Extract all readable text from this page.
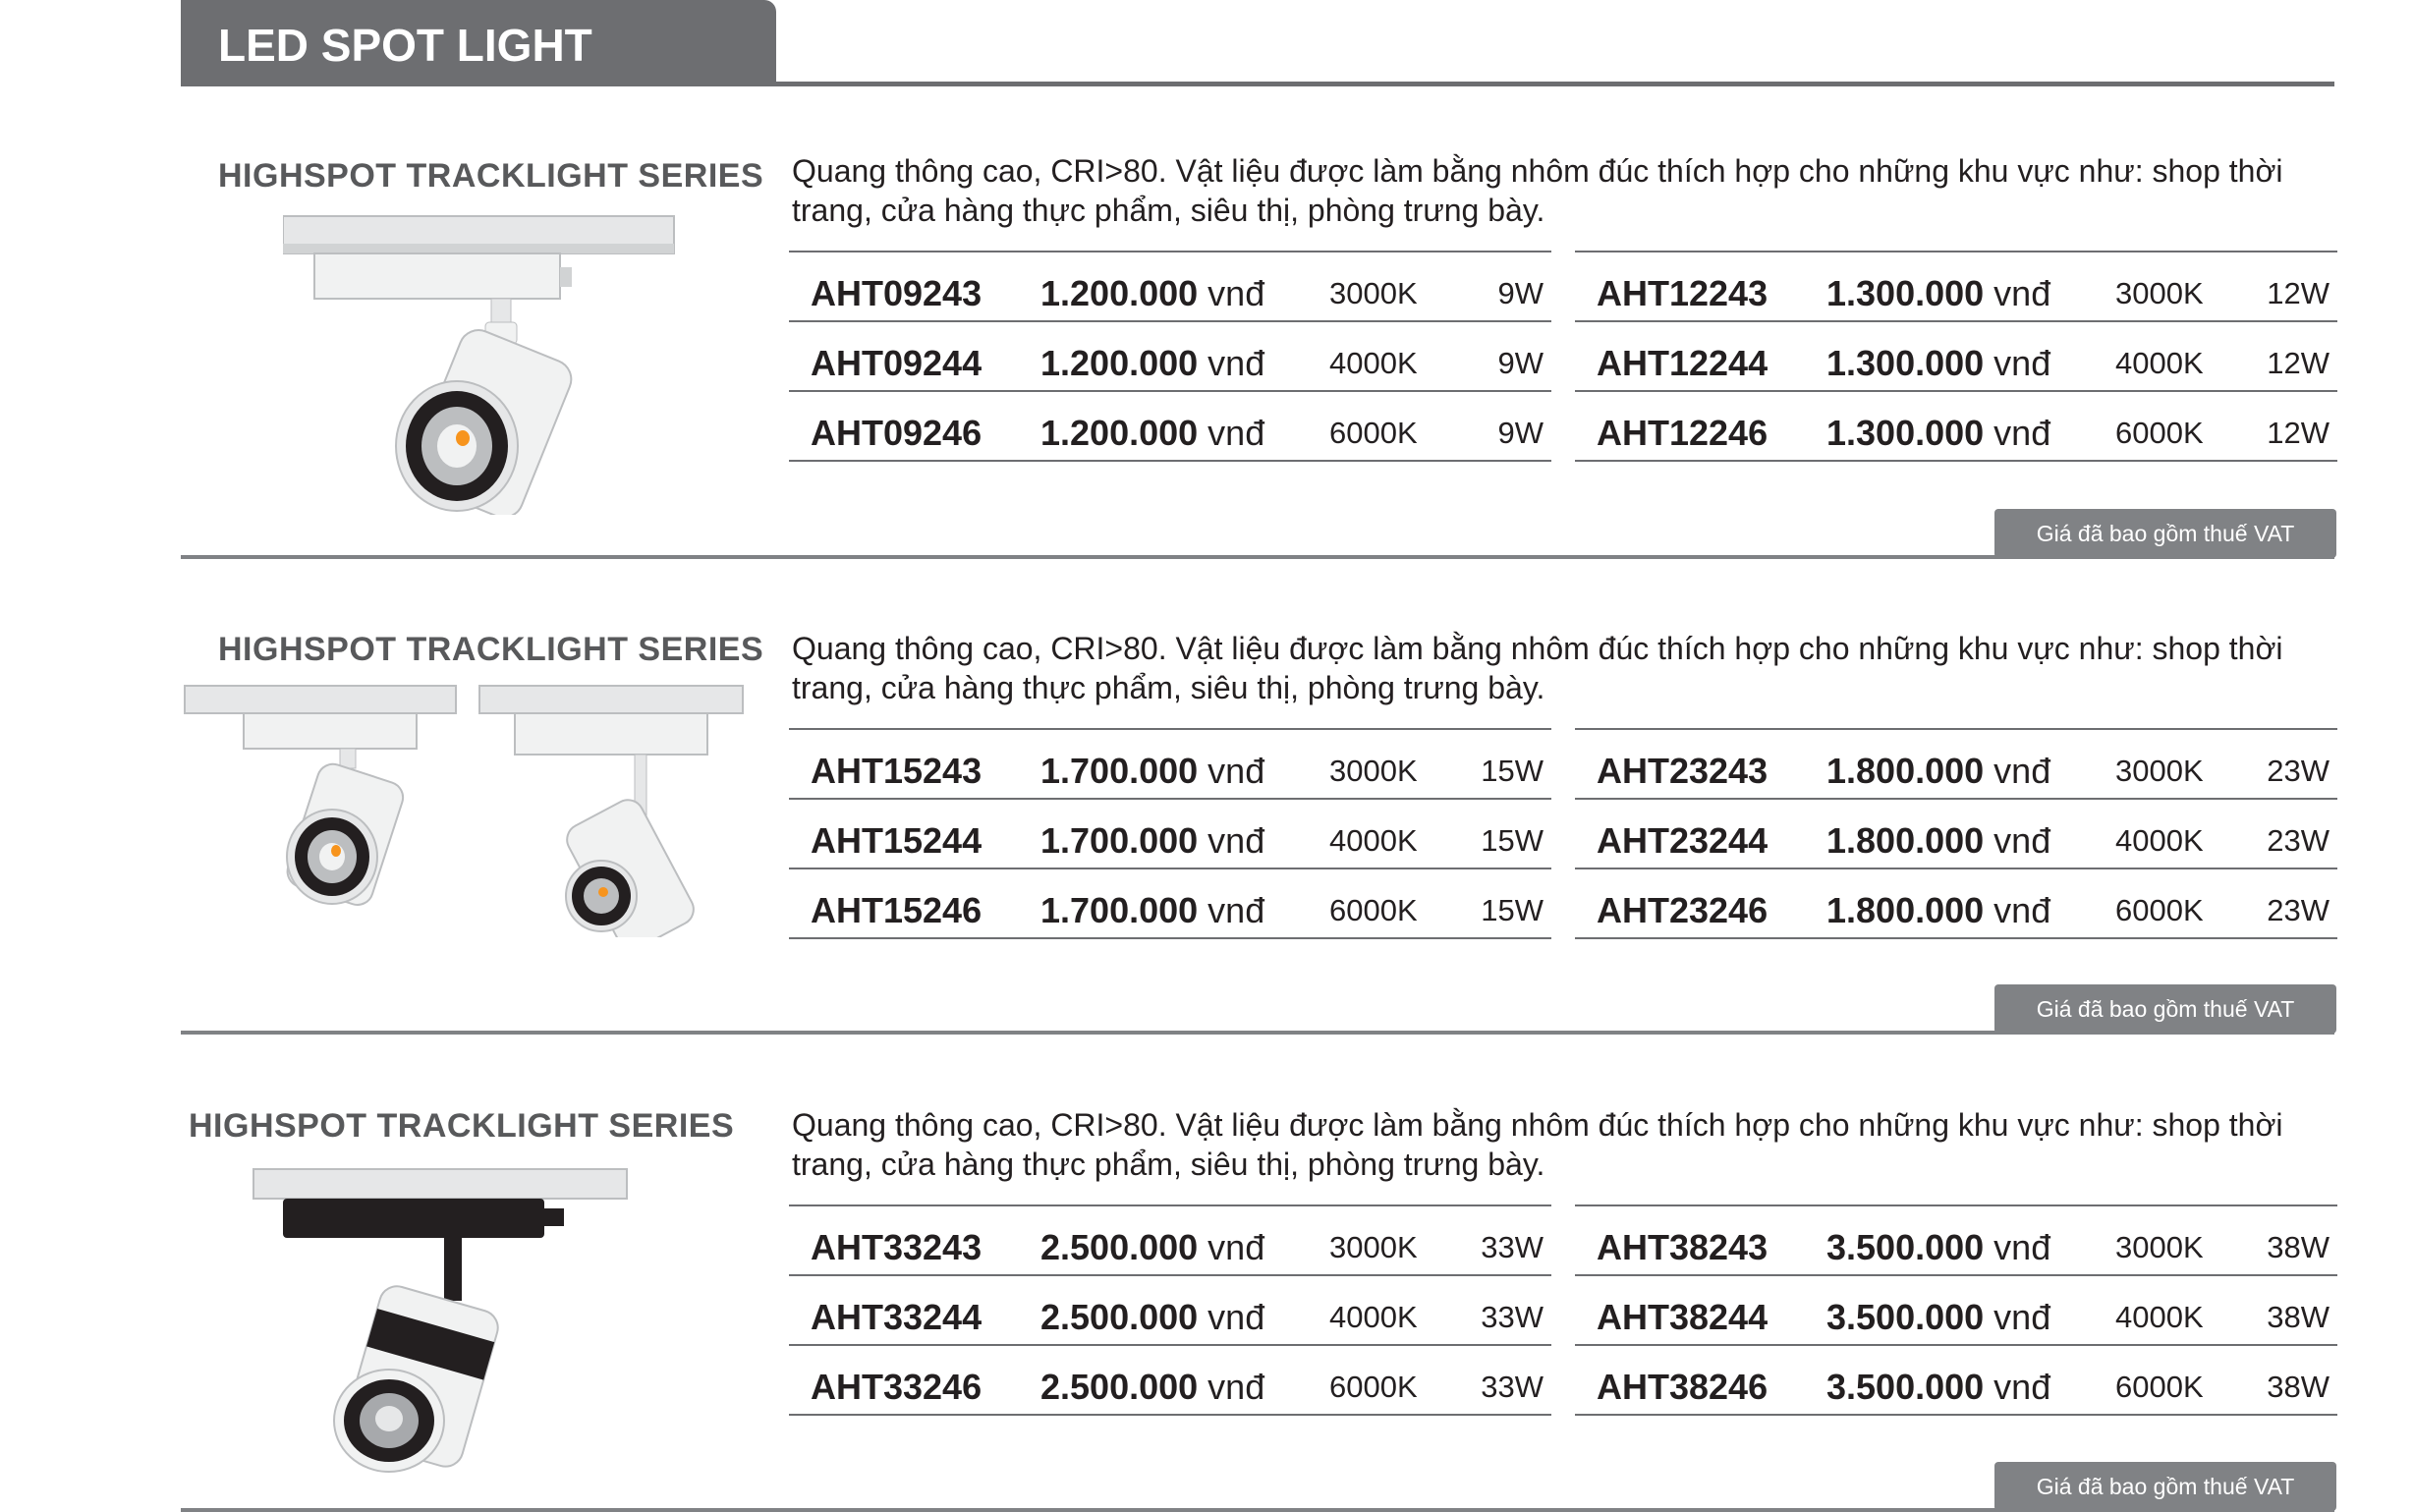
LED SPOT LIGHT
HIGHSPOT TRACKLIGHT SERIES Quang thông cao, CRI>80. Vật liệu được làm bằng nhôm đúc thích hợp cho những khu vực như: shop thời trang, cửa hàng thực phẩm, siêu thị, phòng trưng bày.
AHT09243 1.200.000 vnđ 3000K	9W
AHT09244 1.200.000 vnđ 4000K	9W
AHT09246 1.200.000 vnđ 6000K	9W
AHT12243 1.300.000 vnđ 3000K 12W
AHT12244 1.300.000 vnđ 4000K 12W
AHT12246 1.300.000 vnđ 6000K 12W
Giá đã bao gồm thuế VAT
HIGHSPOT TRACKLIGHT SERIES Quang thông cao, CRI>80. Vật liệu được làm bằng nhôm đúc thích hợp cho những khu vực như: shop thời trang, cửa hàng thực phẩm, siêu thị, phòng trưng bày.
AHT15243 1.700.000 vnđ 3000K 15W
AHT15244 1.700.000 vnđ 4000K 15W
AHT15246 1.700.000 vnđ 6000K 15W
AHT23243 1.800.000 vnđ 3000K 23W
AHT23244 1.800.000 vnđ 4000K 23W
AHT23246 1.800.000 vnđ 6000K 23W
Giá đã bao gồm thuế VAT
HIGHSPOT TRACKLIGHT SERIES Quang thông cao, CRI>80. Vật liệu được làm bằng nhôm đúc thích hợp cho những khu vực như: shop thời trang, cửa hàng thực phẩm, siêu thị, phòng trưng bày.
AHT33243 2.500.000 vnđ 3000K 33W
AHT33244 2.500.000 vnđ 4000K 33W
AHT33246 2.500.000 vnđ 6000K 33W
AHT38243 3.500.000 vnđ 3000K 38W
AHT38244 3.500.000 vnđ 4000K 38W
AHT38246 3.500.000 vnđ 6000K 38W
Giá đã bao gồm thuế VAT
